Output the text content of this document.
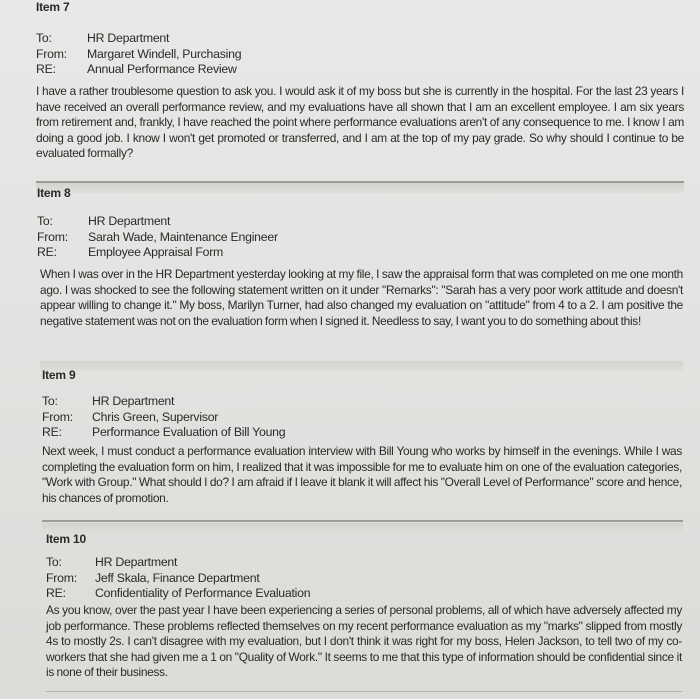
Item 7
To:	HR Department
From:	Margaret Windell, Purchasing
RE:	Annual Performance Review
I have a rather troublesome question to ask you. I would ask it of my boss but she is currently in the hospital. For the last 23 years I have received an overall performance review, and my evaluations have all shown that I am an excellent employee. I am six years from retirement and, frankly, I have reached the point where performance evaluations aren't of any consequence to me. I know I am doing a good job. I know I won't get promoted or transferred, and I am at the top of my pay grade. So why should I continue to be evaluated formally?
Item 8
To:	HR Department
From:	Sarah Wade, Maintenance Engineer
RE:	Employee Appraisal Form
When I was over in the HR Department yesterday looking at my file, I saw the appraisal form that was completed on me one month ago. I was shocked to see the following statement written on it under "Remarks": "Sarah has a very poor work attitude and doesn't appear willing to change it." My boss, Marilyn Turner, had also changed my evaluation on "attitude" from 4 to a 2. I am positive the negative statement was not on the evaluation form when I signed it. Needless to say, I want you to do something about this!
Item 9
To:	HR Department
From:	Chris Green, Supervisor
RE:	Performance Evaluation of Bill Young
Next week, I must conduct a performance evaluation interview with Bill Young who works by himself in the evenings. While I was completing the evaluation form on him, I realized that it was impossible for me to evaluate him on one of the evaluation categories, "Work with Group." What should I do? I am afraid if I leave it blank it will affect his "Overall Level of Performance" score and hence, his chances of promotion.
Item 10
To:	HR Department
From:	Jeff Skala, Finance Department
RE:	Confidentiality of Performance Evaluation
As you know, over the past year I have been experiencing a series of personal problems, all of which have adversely affected my job performance. These problems reflected themselves on my recent performance evaluation as my "marks" slipped from mostly 4s to mostly 2s. I can't disagree with my evaluation, but I don't think it was right for my boss, Helen Jackson, to tell two of my co-workers that she had given me a 1 on "Quality of Work." It seems to me that this type of information should be confidential since it is none of their business.
